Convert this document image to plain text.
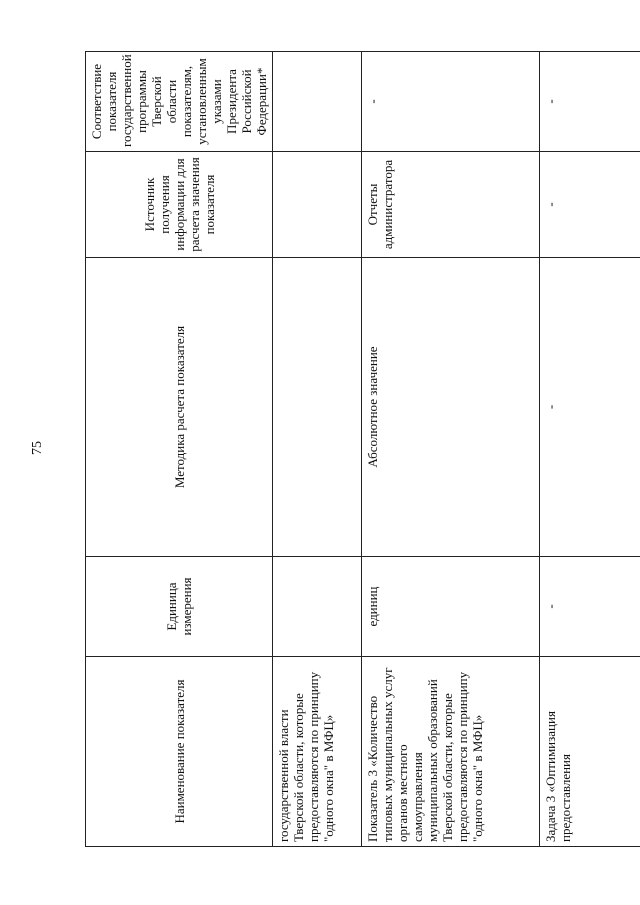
75
Наименование показателя	Единица измерения	Методика расчета показателя	Источник получения информации для расчета значения показателя	Соответствие показателя государственной программы Тверской области показателям, установленным указами Президента Российской Федерации*
государственной власти Тверской области, которые предоставляются по принципу "одного окна" в МФЦ»				
Показатель 3 «Количество типовых муниципальных услуг органов местного самоуправления муниципальных образований Тверской области, которые предоставляются по принципу "одного окна" в МФЦ»	единиц	Абсолютное значение	Отчеты администратора	-
Задача 3 «Оптимизация предоставления	-	-	-	-
